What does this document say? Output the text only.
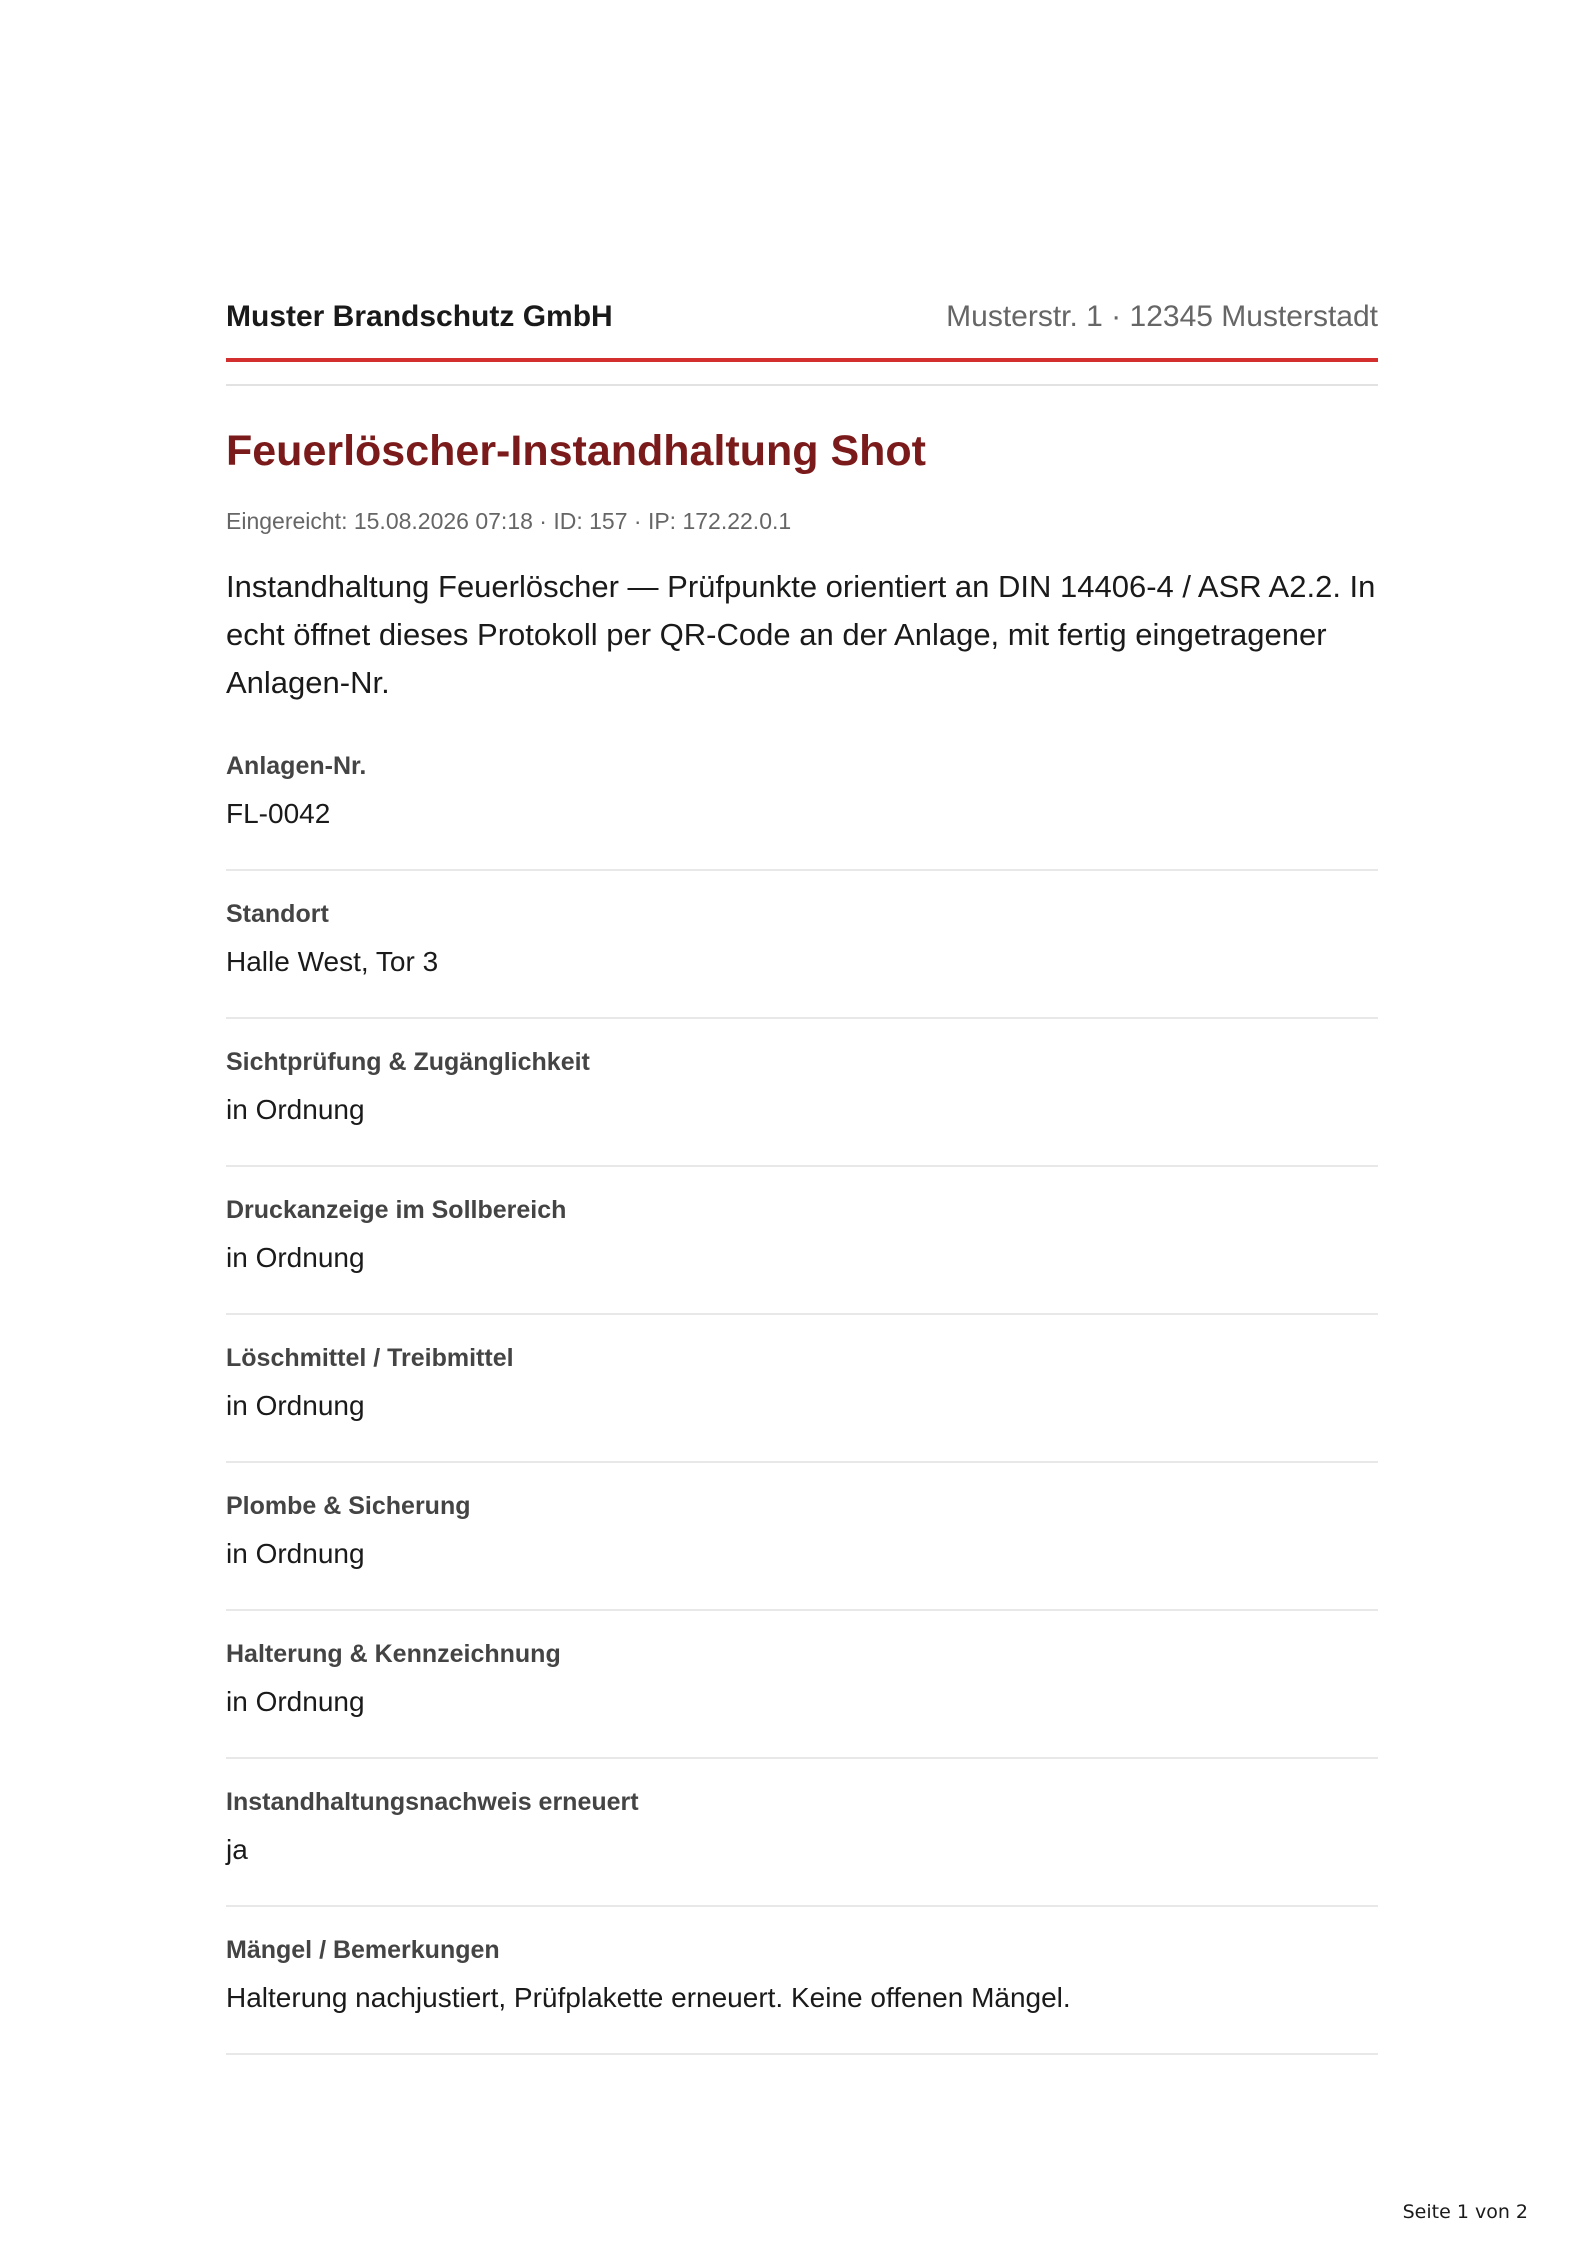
Muster Brandschutz GmbH	Musterstr. 1 · 12345 Musterstadt
Feuerlöscher-Instandhaltung Shot
Eingereicht: 15.08.2026 07:18 · ID: 157 · IP: 172.22.0.1
Instandhaltung Feuerlöscher — Prüfpunkte orientiert an DIN 14406-4 / ASR A2.2. In echt öffnet dieses Protokoll per QR-Code an der Anlage, mit fertig eingetragener Anlagen-Nr.
Anlagen-Nr.
FL-0042
Standort
Halle West, Tor 3
Sichtprüfung & Zugänglichkeit
in Ordnung
Druckanzeige im Sollbereich
in Ordnung
Löschmittel / Treibmittel
in Ordnung
Plombe & Sicherung
in Ordnung
Halterung & Kennzeichnung
in Ordnung
Instandhaltungsnachweis erneuert
ja
Mängel / Bemerkungen
Halterung nachjustiert, Prüfplakette erneuert. Keine offenen Mängel.
Seite 1 von 2
